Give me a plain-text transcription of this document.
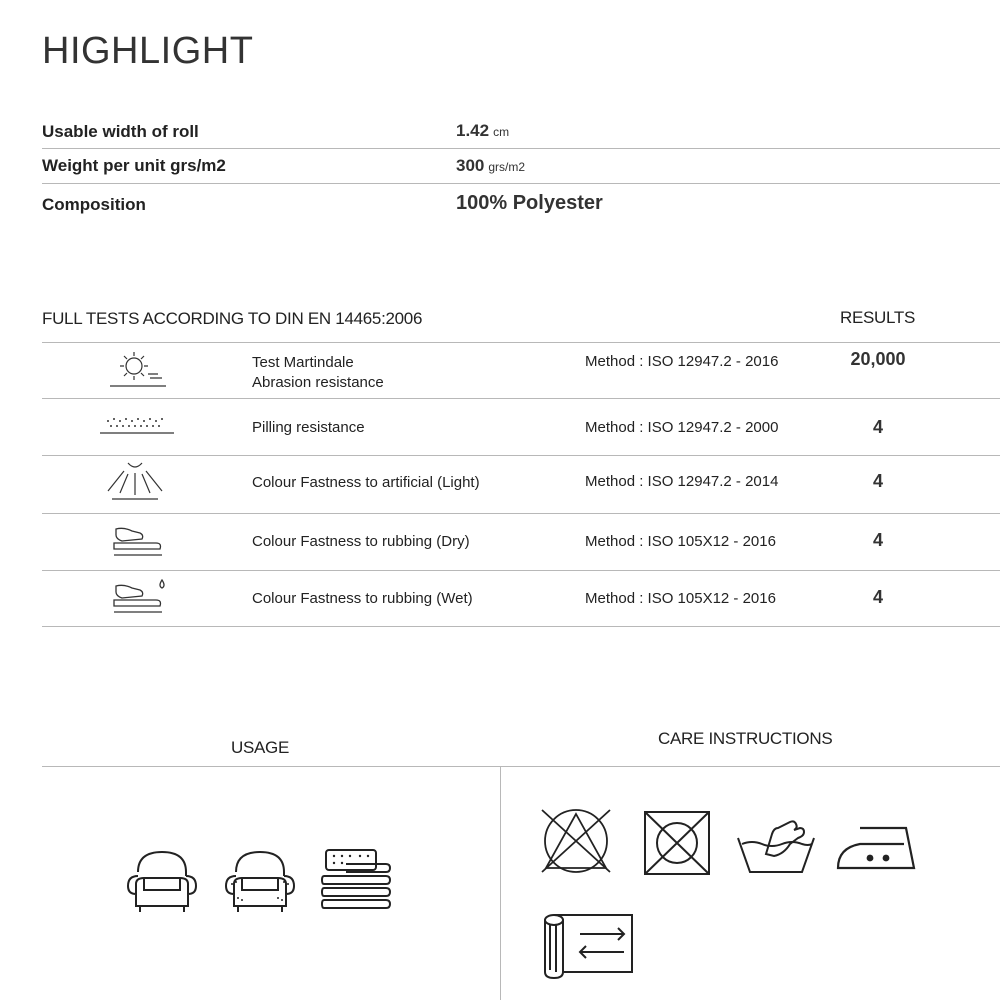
HIGHLIGHT
Usable width of roll	1.42 cm
Weight per unit grs/m2	300 grs/m2
Composition	100% Polyester
FULL TESTS ACCORDING TO DIN EN 14465:2006	RESULTS
Test Martindale
Abrasion resistance
Method : ISO 12947.2 - 2016	20,000
Pilling resistance	Method : ISO 12947.2 - 2000	4
Colour Fastness to artificial (Light)	Method : ISO 12947.2 - 2014	4
Colour Fastness to rubbing (Dry)	Method : ISO 105X12 - 2016	4
Colour Fastness to rubbing (Wet)	Method : ISO 105X12 - 2016	4
USAGE	CARE INSTRUCTIONS
